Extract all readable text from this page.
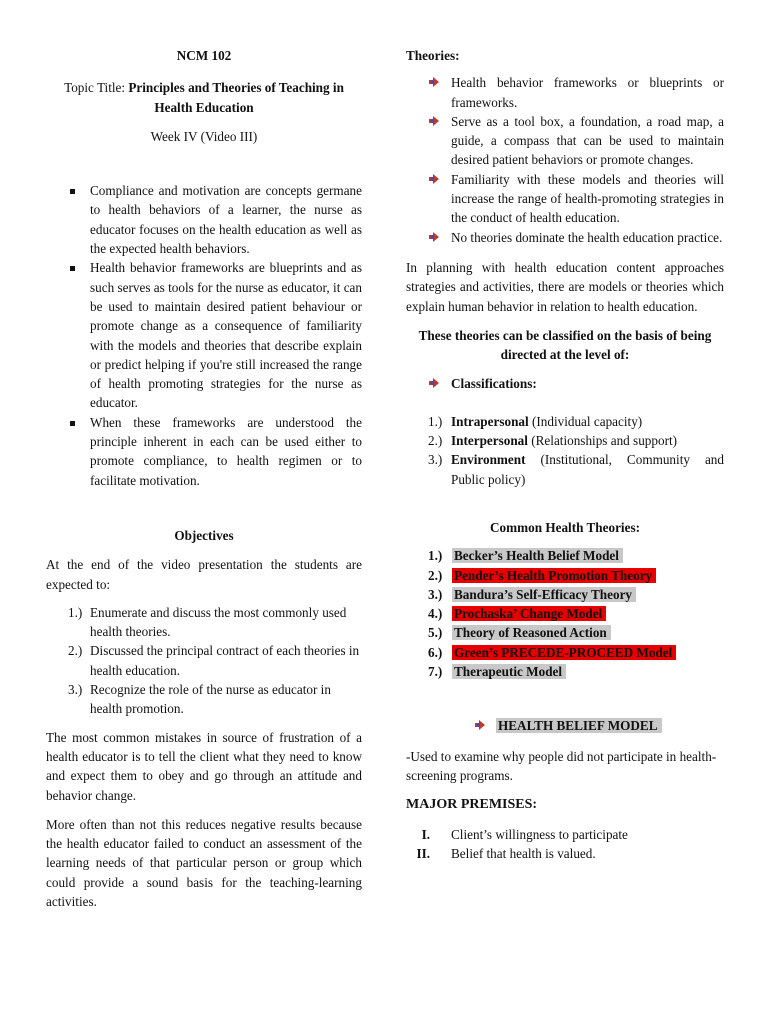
NCM 102
Topic Title: Principles and Theories of Teaching in Health Education
Week IV (Video III)
Compliance and motivation are concepts germane to health behaviors of a learner, the nurse as educator focuses on the health education as well as the expected health behaviors.
Health behavior frameworks are blueprints and as such serves as tools for the nurse as educator, it can be used to maintain desired patient behaviour or promote change as a consequence of familiarity with the models and theories that describe explain or predict helping if you're still increased the range of health promoting strategies for the nurse as educator.
When these frameworks are understood the principle inherent in each can be used either to promote compliance, to health regimen or to facilitate motivation.
Objectives
At the end of the video presentation the students are expected to:
1.) Enumerate and discuss the most commonly used health theories.
2.) Discussed the principal contract of each theories in health education.
3.) Recognize the role of the nurse as educator in health promotion.
The most common mistakes in source of frustration of a health educator is to tell the client what they need to know and expect them to obey and go through an attitude and behavior change.
More often than not this reduces negative results because the health educator failed to conduct an assessment of the learning needs of that particular person or group which could provide a sound basis for the teaching-learning activities.
Theories:
Health behavior frameworks or blueprints or frameworks.
Serve as a tool box, a foundation, a road map, a guide, a compass that can be used to maintain desired patient behaviors or promote changes.
Familiarity with these models and theories will increase the range of health-promoting strategies in the conduct of health education.
No theories dominate the health education practice.
In planning with health education content approaches strategies and activities, there are models or theories which explain human behavior in relation to health education.
These theories can be classified on the basis of being directed at the level of:
Classifications:
1.) Intrapersonal (Individual capacity)
2.) Interpersonal (Relationships and support)
3.) Environment (Institutional, Community and Public policy)
Common Health Theories:
1.) Becker’s Health Belief Model
2.) Pender’s Health Promotion Theory
3.) Bandura’s Self-Efficacy Theory
4.) Prochaska’ Change Model
5.) Theory of Reasoned Action
6.) Green’s PRECEDE-PROCEED Model
7.) Therapeutic Model
HEALTH BELIEF MODEL
-Used to examine why people did not participate in health-screening programs.
MAJOR PREMISES:
I. Client’s willingness to participate
II. Belief that health is valued.
